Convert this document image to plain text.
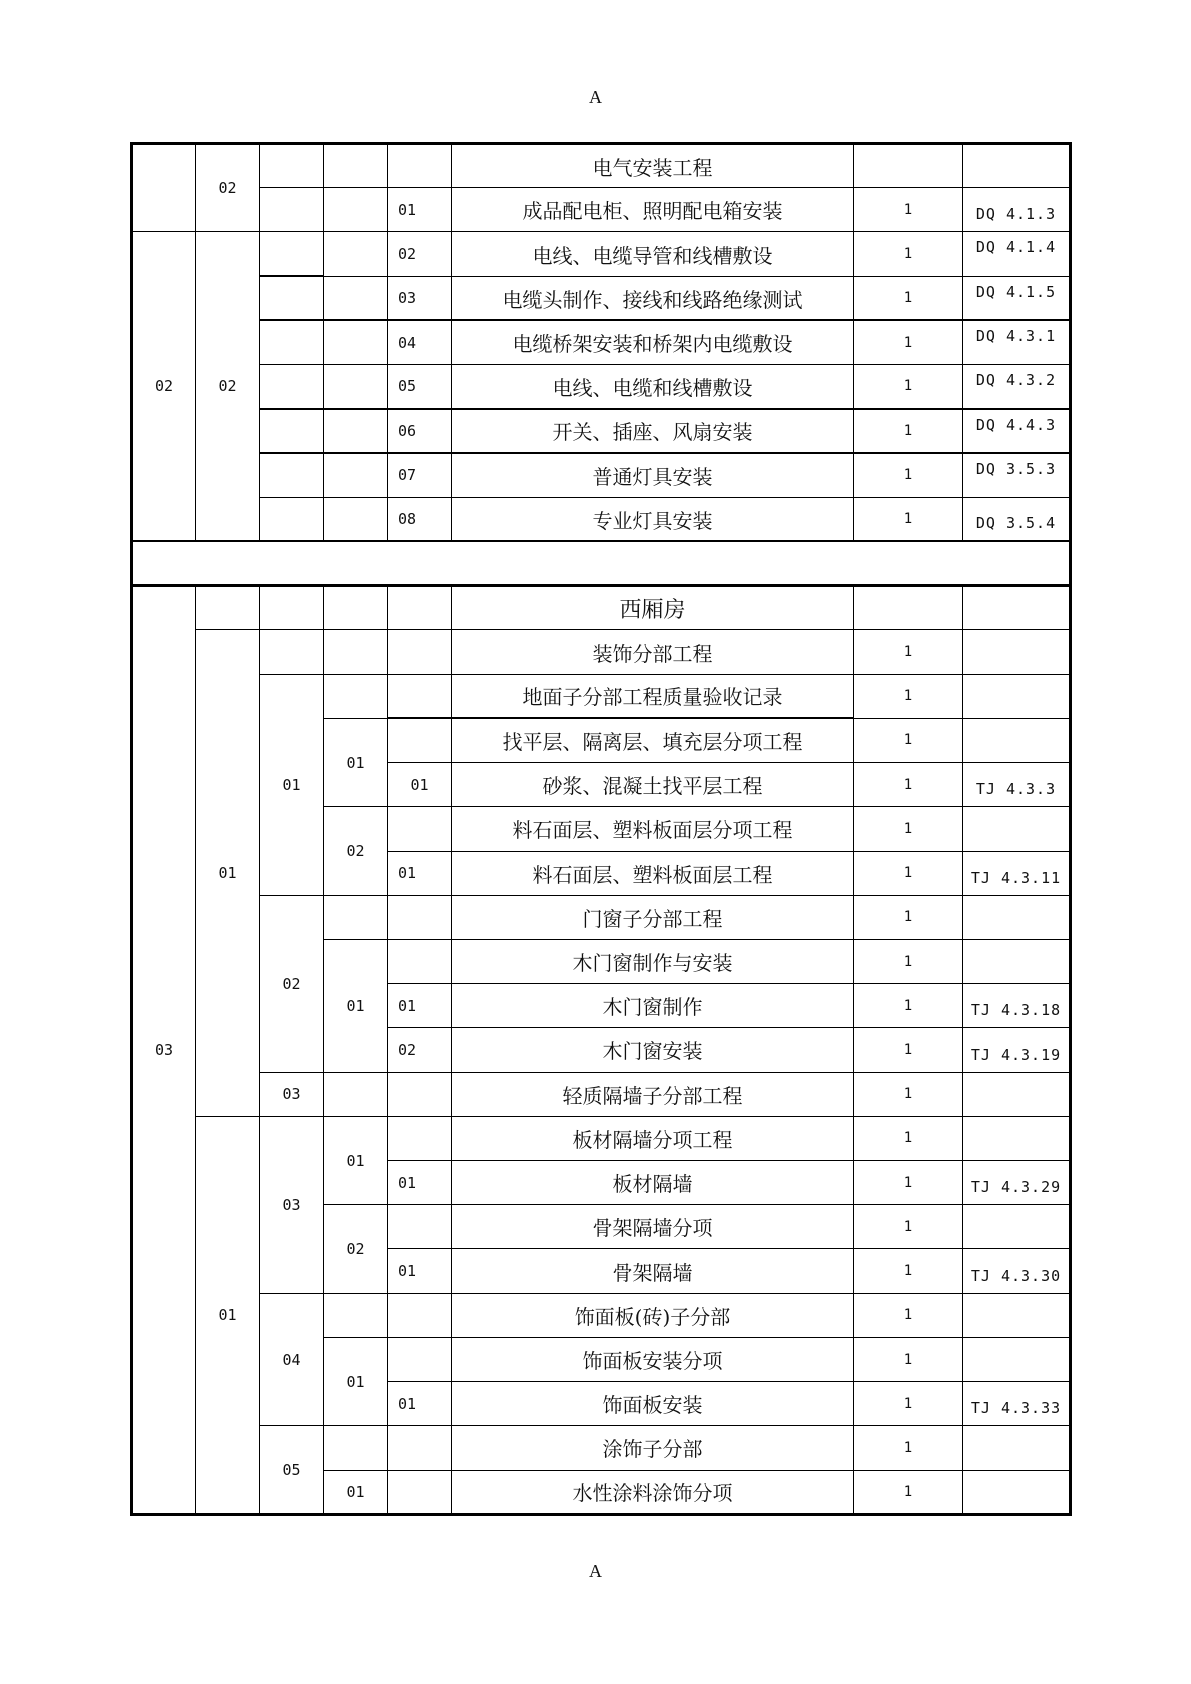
A
	02				电气安装工程		
				01	成品配电柜、照明配电箱安装	1	DQ 4.1.3
02	02			02	电线、电缆导管和线槽敷设	1	DQ 4.1.4
				03	电缆头制作、接线和线路绝缘测试	1	DQ 4.1.5
				04	电缆桥架安装和桥架内电缆敷设	1	DQ 4.3.1
				05	电线、电缆和线槽敷设	1	DQ 4.3.2
				06	开关、插座、风扇安装	1	DQ 4.4.3
				07	普通灯具安装	1	DQ 3.5.3
				08	专业灯具安装	1	DQ 3.5.4

03					西厢房		
	01				装饰分部工程	1	
		01			地面子分部工程质量验收记录	1	
			01		找平层、隔离层、填充层分项工程	1	
				01	砂浆、混凝土找平层工程	1	TJ 4.3.3
			02		料石面层、塑料板面层分项工程	1	
				01	料石面层、塑料板面层工程	1	TJ 4.3.11
		02			门窗子分部工程	1	
			01		木门窗制作与安装	1	
				01	木门窗制作	1	TJ 4.3.18
				02	木门窗安装	1	TJ 4.3.19
		03			轻质隔墙子分部工程	1	
	01	03	01		板材隔墙分项工程	1	
				01	板材隔墙	1	TJ 4.3.29
			02		骨架隔墙分项	1	
				01	骨架隔墙	1	TJ 4.3.30
		04			饰面板(砖)子分部	1	
			01		饰面板安装分项	1	
				01	饰面板安装	1	TJ 4.3.33
		05			涂饰子分部	1	
			01		水性涂料涂饰分项	1	
A
